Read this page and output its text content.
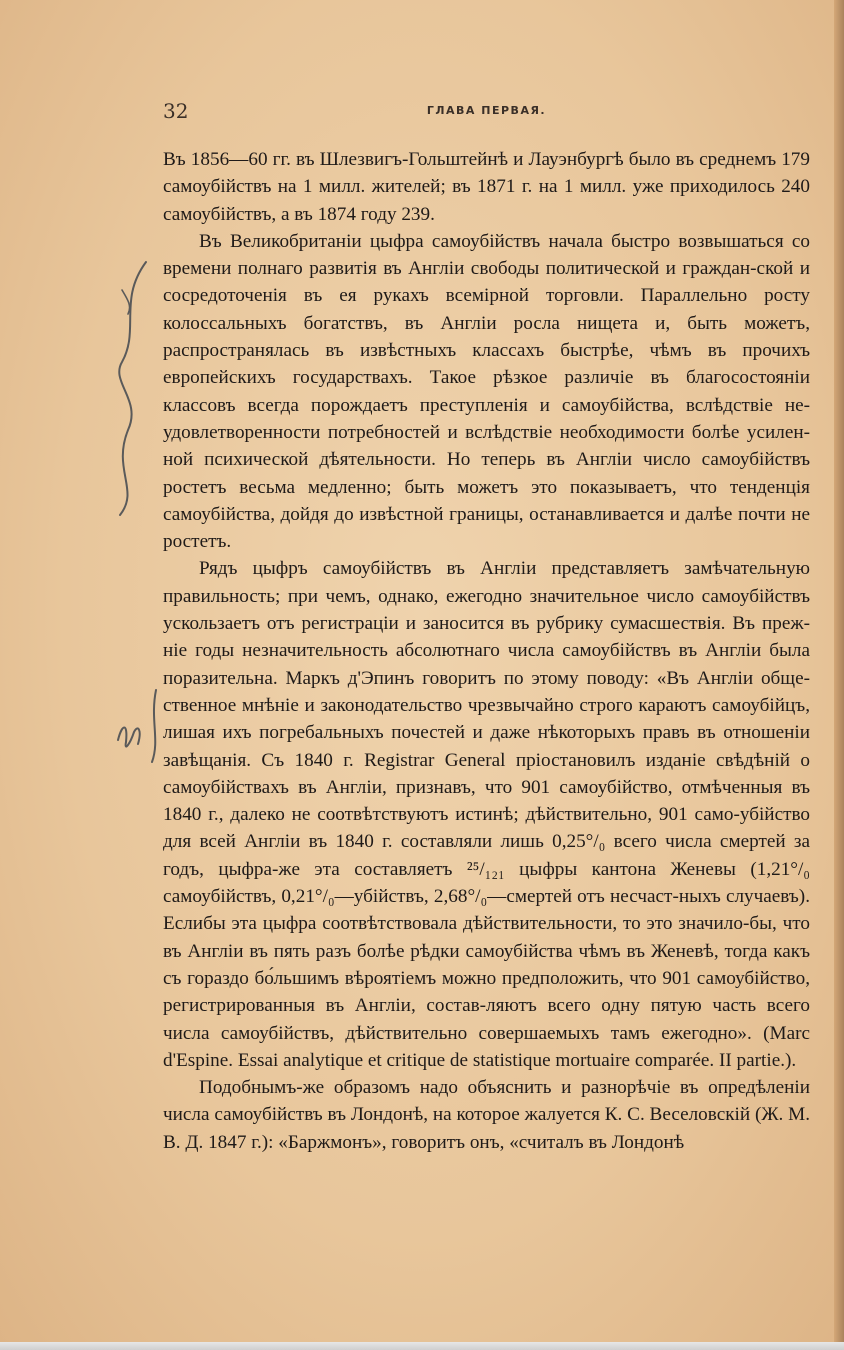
32	ГЛАВА ПЕРВАЯ.

Въ 1856—60 гг. въ Шлезвигъ-Гольштейнѣ и Лауэнбургѣ было въ среднемъ 179 самоубійствъ на 1 милл. жителей; въ 1871 г. на 1 милл. уже приходилось 240 самоубійствъ, а въ 1874 году 239.

Въ Великобританіи цыфра самоубійствъ начала быстро возвышаться со времени полнаго развитія въ Англіи свободы политической и граждан-ской и сосредоточенія въ ея рукахъ всемірной торговли. Параллельно росту колоссальныхъ богатствъ, въ Англіи росла нищета и, быть можетъ, распространялась въ извѣстныхъ классахъ быстрѣе, чѣмъ въ прочихъ европейскихъ государствахъ. Такое рѣзкое различіе въ благосостояніи классовъ всегда порождаетъ преступленія и самоубійства, вслѣдствіе не-удовлетворенности потребностей и вслѣдствіе необходимости болѣе усилен-ной психической дѣятельности. Но теперь въ Англіи число самоубійствъ ростетъ весьма медленно; быть можетъ это показываетъ, что тенденція самоубійства, дойдя до извѣстной границы, останавливается и далѣе почти не ростетъ.

Рядъ цыфръ самоубійствъ въ Англіи представляетъ замѣчательную правильность; при чемъ, однако, ежегодно значительное число самоубійствъ ускользаетъ отъ регистраціи и заносится въ рубрику сумасшествія. Въ преж-ніе годы незначительность абсолютнаго числа самоубійствъ въ Англіи была поразительна. Маркъ д'Эпинъ говоритъ по этому поводу: «Въ Англіи обще-ственное мнѣніе и законодательство чрезвычайно строго караютъ самоубійцъ, лишая ихъ погребальныхъ почестей и даже нѣкоторыхъ правъ въ отношеніи завѣщанія. Съ 1840 г. Registrar General пріостановилъ изданіе свѣдѣній о самоубійствахъ въ Англіи, признавъ, что 901 самоубійство, отмѣченныя въ 1840 г., далеко не соотвѣтствуютъ истинѣ; дѣйствительно, 901 само-убійство для всей Англіи въ 1840 г. составляли лишь 0,25°/₀ всего числа смертей за годъ, цыфра-же эта составляетъ ²⁵/₁₂₁ цыфры кантона Женевы (1,21°/₀ самоубійствъ, 0,21°/₀—убійствъ, 2,68°/₀—смертей отъ несчаст-ныхъ случаевъ). Еслибы эта цыфра соотвѣтствовала дѣйствительности, то это значило-бы, что въ Англіи въ пять разъ болѣе рѣдки самоубійства чѣмъ въ Женевѣ, тогда какъ съ гораздо бо́льшимъ вѣроятіемъ можно предположить, что 901 самоубійство, регистрированныя въ Англіи, состав-ляютъ всего одну пятую часть всего числа самоубійствъ, дѣйствительно совершаемыхъ тамъ ежегодно». (Marc d'Espine. Essai analytique et critique de statistique mortuaire comparée. II partie.).

Подобнымъ-же образомъ надо объяснить и разнорѣчіе въ опредѣленіи числа самоубійствъ въ Лондонѣ, на которое жалуется К. С. Веселовскій (Ж. М. В. Д. 1847 г.): «Баржмонъ», говоритъ онъ, «считалъ въ Лондонѣ
